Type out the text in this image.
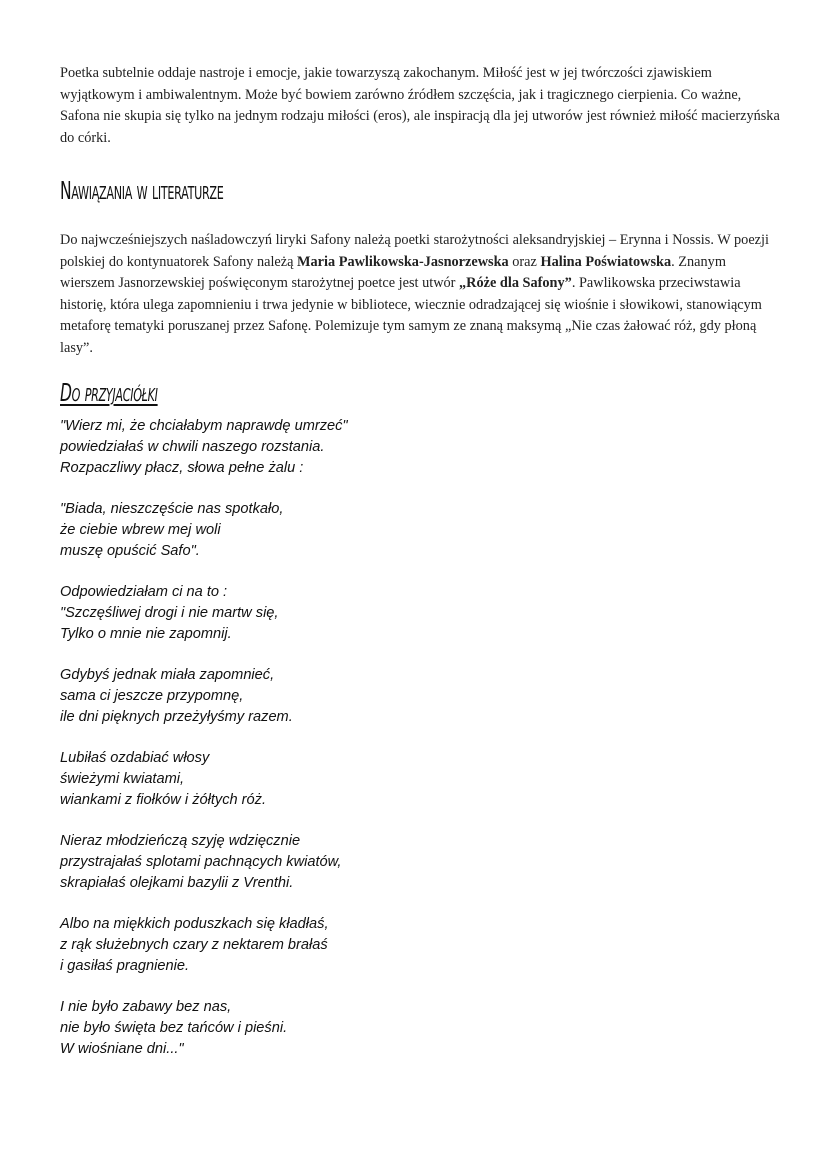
Poetka subtelnie oddaje nastroje i emocje, jakie towarzyszą zakochanym. Miłość jest w jej twórczości zjawiskiem wyjątkowym i ambiwalentnym. Może być bowiem zarówno źródłem szczęścia, jak i tragicznego cierpienia. Co ważne, Safona nie skupia się tylko na jednym rodzaju miłości (eros), ale inspiracją dla jej utworów jest również miłość macierzyńska do córki.

Nawiązania w literaturze

Do najwcześniejszych naśladowczyń liryki Safony należą poetki starożytności aleksandryjskiej – Erynna i Nossis. W poezji polskiej do kontynuatorek Safony należą Maria Pawlikowska-Jasnorzewska oraz Halina Poświatowska. Znanym wierszem Jasnorzewskiej poświęconym starożytnej poetce jest utwór „Róże dla Safony”. Pawlikowska przeciwstawia historię, która ulega zapomnieniu i trwa jedynie w bibliotece, wiecznie odradzającej się wiośnie i słowikowi, stanowiącym metaforę tematyki poruszanej przez Safonę. Polemizuje tym samym ze znaną maksymą „Nie czas żałować róż, gdy płoną lasy”.

Do przyjaciółki
"Wierz mi, że chciałabym naprawdę umrzeć"
powiedziałaś w chwili naszego rozstania.
Rozpaczliwy płacz, słowa pełne żalu :
"Biada, nieszczęście nas spotkało,
że ciebie wbrew mej woli
muszę opuścić Safo".
Odpowiedziałam ci na to :
"Szczęśliwej drogi i nie martw się,
Tylko o mnie nie zapomnij.
Gdybyś jednak miała zapomnieć,
sama ci jeszcze przypomnę,
ile dni pięknych przeżyłyśmy razem.
Lubiłaś ozdabiać włosy
świeżymi kwiatami,
wiankami z fiołków i żółtych róż.
Nieraz młodzieńczą szyję wdzięcznie
przystrajałaś splotami pachnących kwiatów,
skrapiałaś olejkami bazylii z Vrenthi.
Albo na miękkich poduszkach się kładłaś,
z rąk służebnych czary z nektarem brałaś
i gasiłaś pragnienie.
I nie było zabawy bez nas,
nie było święta bez tańców i pieśni.
W wiośniane dni..."
